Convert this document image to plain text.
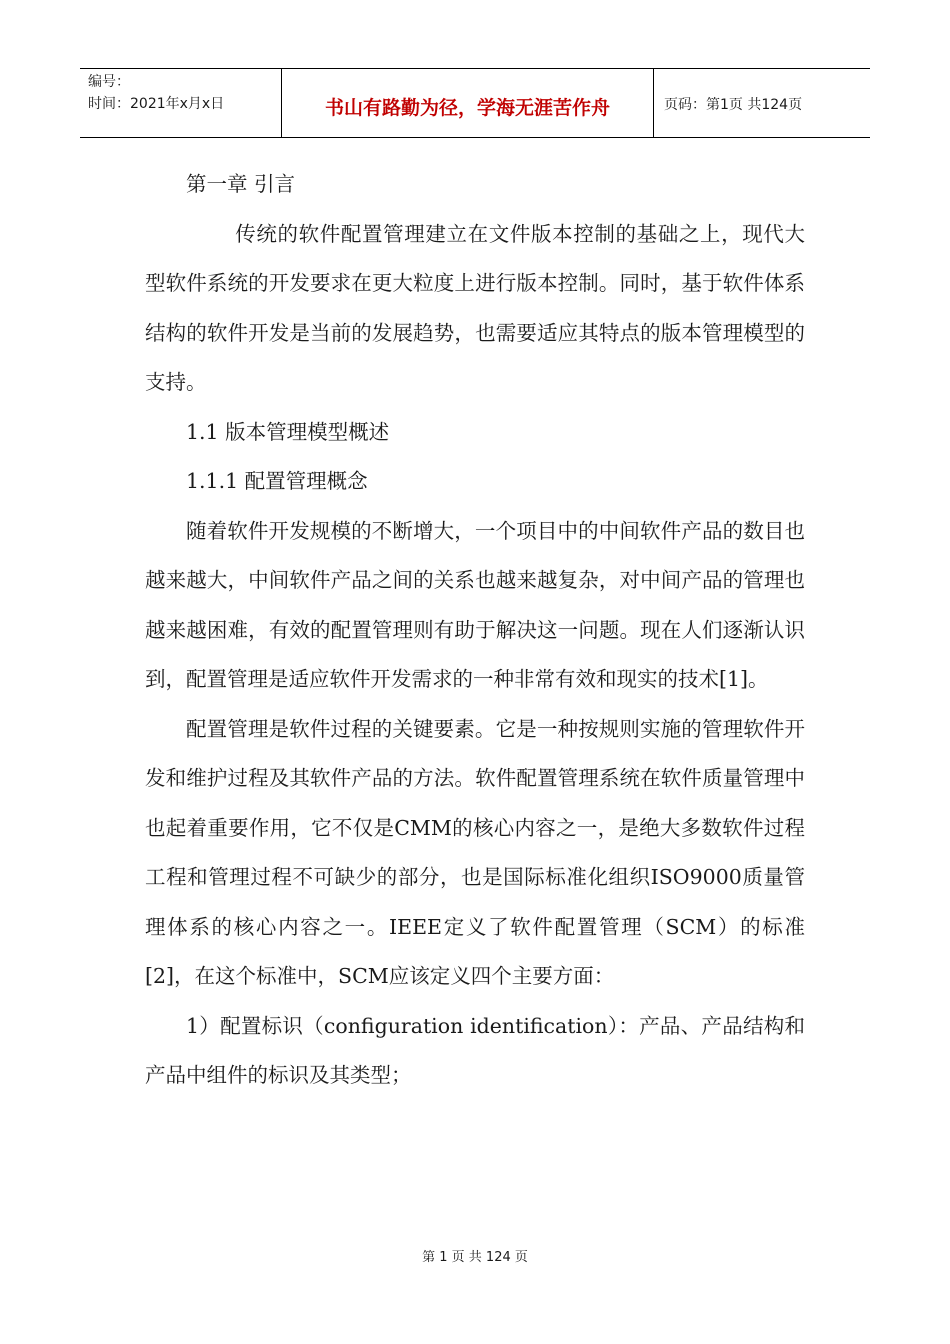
编号：
时间：2021年x月x日	书山有路勤为径，学海无涯苦作舟	页码：第1页 共124页

第一章 引言

传统的软件配置管理建立在文件版本控制的基础之上，现代大型软件系统的开发要求在更大粒度上进行版本控制。同时，基于软件体系结构的软件开发是当前的发展趋势，也需要适应其特点的版本管理模型的支持。

1.1 版本管理模型概述

1.1.1 配置管理概念

随着软件开发规模的不断增大，一个项目中的中间软件产品的数目也越来越大，中间软件产品之间的关系也越来越复杂，对中间产品的管理也越来越困难，有效的配置管理则有助于解决这一问题。现在人们逐渐认识到，配置管理是适应软件开发需求的一种非常有效和现实的技术[1]。

配置管理是软件过程的关键要素。它是一种按规则实施的管理软件开发和维护过程及其软件产品的方法。软件配置管理系统在软件质量管理中也起着重要作用，它不仅是CMM的核心内容之一，是绝大多数软件过程工程和管理过程不可缺少的部分，也是国际标准化组织ISO9000质量管理体系的核心内容之一。IEEE定义了软件配置管理（SCM）的标准[2]，在这个标准中，SCM应该定义四个主要方面：

1）配置标识（configuration identification）：产品、产品结构和产品中组件的标识及其类型；

第 1 页 共 124 页
